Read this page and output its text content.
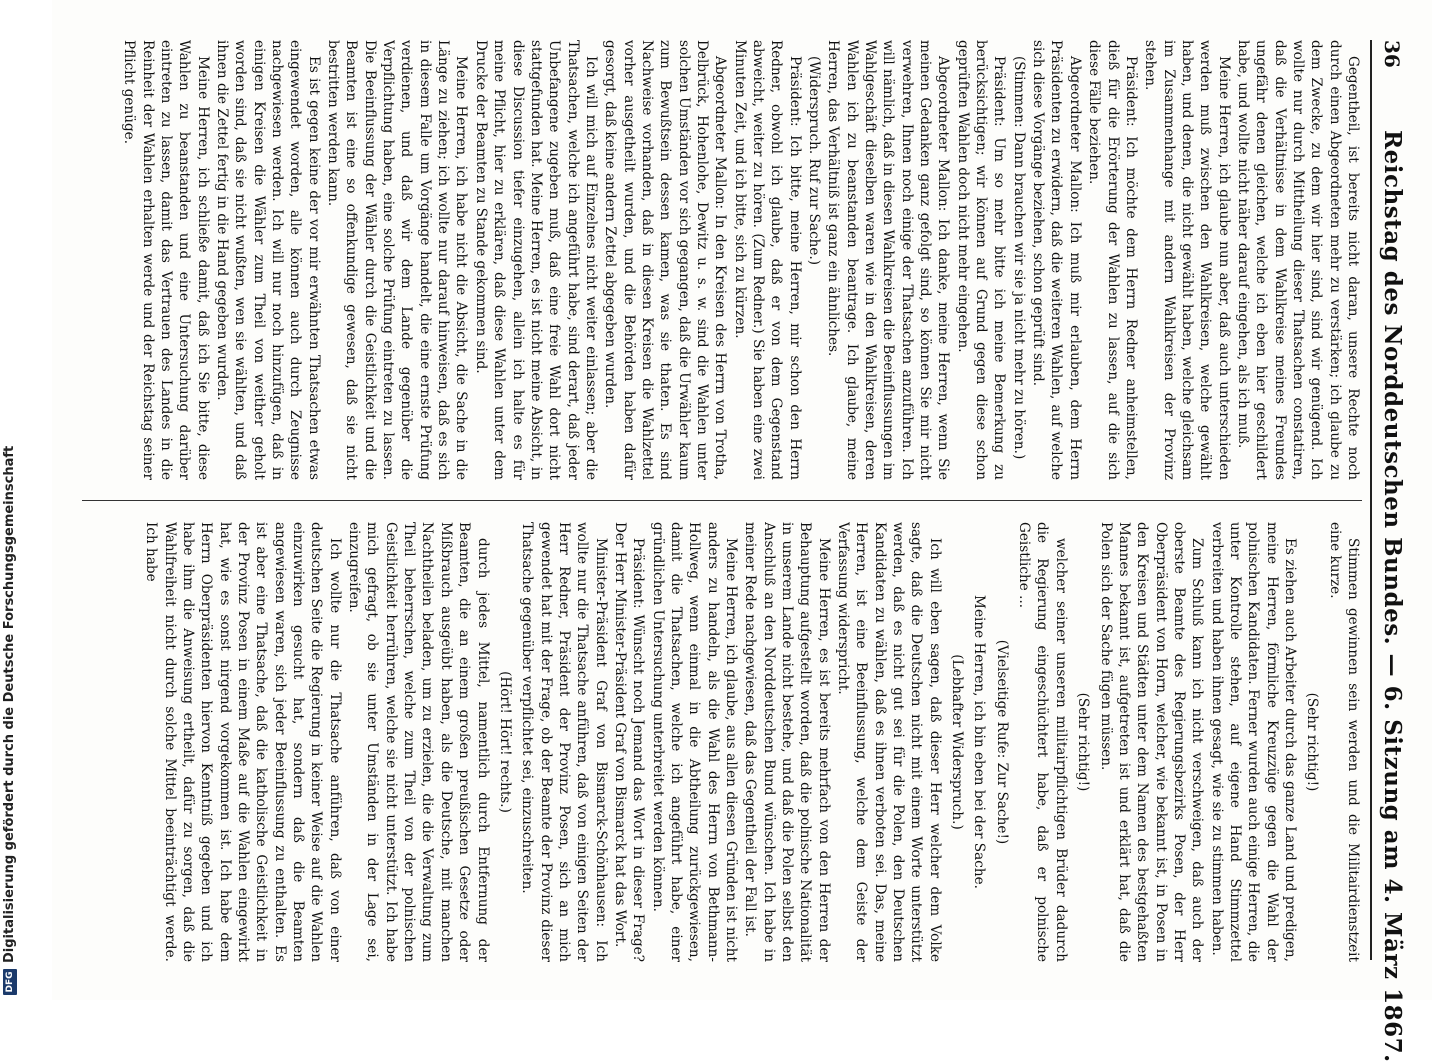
36
Reichstag des Norddeutschen Bundes. — 6. Sitzung am 4. März 1867.

Gegentheil, ist bereits nicht daran, unsere Rechte noch durch einen Abgeordneten mehr zu verstärken; ich glaube zu dem Zwecke, zu dem wir hier sind, sind wir genügend. Ich wollte nur durch Mittheilung dieser Thatsachen constatiren, daß die Verhältnisse in dem Wahlkreise meines Freundes ungefähr denen gleichen, welche ich eben hier geschildert habe, und wollte nicht näher darauf eingehen, als ich muß.

Meine Herren, ich glaube nun aber, daß auch unterschieden werden muß zwischen den Wahlkreisen, welche gewählt haben, und denen, die nicht gewählt haben, welche gleichsam im Zusammenhange mit andern Wahlkreisen der Provinz stehen.

Präsident: Ich möchte dem Herrn Redner anheimstellen, dieß für die Erörterung der Wahlen zu lassen, auf die sich diese Fälle beziehen.

Abgeordneter Mallon: Ich muß mir erlauben, dem Herrn Präsidenten zu erwidern, daß die weiteren Wahlen, auf welche sich diese Vorgänge beziehen, schon geprüft sind.

(Stimmen: Dann brauchen wir sie ja nicht mehr zu hören.)

Präsident: Um so mehr bitte ich meine Bemerkung zu berücksichtigen; wir können auf Grund gegen diese schon geprüften Wahlen doch nicht mehr eingehen.

Abgeordneter Mallon: Ich danke, meine Herren, wenn Sie meinen Gedanken ganz gefolgt sind, so können Sie mir nicht verwehren, Ihnen noch einige der Thatsachen anzuführen. Ich will nämlich, daß in diesen Wahlkreisen die Beeinflussungen im Wahlgeschäft dieselben waren wie in den Wahlkreisen, deren Wahlen ich zu beanstanden beantrage. Ich glaube, meine Herren, das Verhältniß ist ganz ein ähnliches.

(Widerspruch. Ruf zur Sache.)

Präsident: Ich bitte, meine Herren, mir schon den Herrn Redner, obwohl ich glaube, daß er von dem Gegenstand abweicht, weiter zu hören. (Zum Redner.) Sie haben eine zwei Minuten Zeit, und ich bitte, sich zu kürzen.

Abgeordneter Mallon: In den Kreisen des Herrn von Trotha, Delbrück, Hohenlohe, Dewitz u. s. w. sind die Wahlen unter solchen Umständen vor sich gegangen, daß die Urwähler kaum zum Bewußtsein dessen kamen, was sie thaten. Es sind Nachweise vorhanden, daß in diesen Kreisen die Wahlzettel vorher ausgetheilt wurden, und die Behörden haben dafür gesorgt, daß keine andern Zettel abgegeben wurden.

Ich will mich auf Einzelnes nicht weiter einlassen; aber die Thatsachen, welche ich angeführt habe, sind derart, daß jeder Unbefangene zugeben muß, daß eine freie Wahl dort nicht stattgefunden hat. Meine Herren, es ist nicht meine Absicht, in diese Discussion tiefer einzugehen, allein ich halte es für meine Pflicht, hier zu erklären, daß diese Wahlen unter dem Drucke der Beamten zu Stande gekommen sind.

Meine Herren, ich habe nicht die Absicht, die Sache in die Länge zu ziehen; ich wollte nur darauf hinweisen, daß es sich in diesem Falle um Vorgänge handelt, die eine ernste Prüfung verdienen, und daß wir dem Lande gegenüber die Verpflichtung haben, eine solche Prüfung eintreten zu lassen. Die Beeinflussung der Wähler durch die Geistlichkeit und die Beamten ist eine so offenkundige gewesen, daß sie nicht bestritten werden kann.

Es ist gegen keine der vor mir erwähnten Thatsachen etwas eingewendet worden, alle können auch durch Zeugnisse nachgewiesen werden. Ich will nur noch hinzufügen, daß in einigen Kreisen die Wähler zum Theil von weither geholt worden sind, daß sie nicht wußten, wen sie wählten, und daß ihnen die Zettel fertig in die Hand gegeben wurden.

Meine Herren, ich schließe damit, daß ich Sie bitte, diese Wahlen zu beanstanden und eine Untersuchung darüber eintreten zu lassen, damit das Vertrauen des Landes in die Reinheit der Wahlen erhalten werde und der Reichstag seiner Pflicht genüge.

Stimmen gewinnen sein werden und die Militairdienstzeit eine kurze.

(Sehr richtig!)

Es ziehen auch Arbeiter durch das ganze Land und predigen, meine Herren, förmliche Kreuzzüge gegen die Wahl der polnischen Kandidaten. Ferner wurden auch einige Herren, die unter Kontrolle stehen, auf eigene Hand Stimmzettel verbreiten und haben ihnen gesagt, wie sie zu stimmen haben.

Zum Schluß kann ich nicht verschweigen, daß auch der oberste Beamte des Regierungsbezirks Posen, der Herr Oberpräsident von Horn, welcher, wie bekannt ist, in Posen in den Kreisen und Städten unter dem Namen des bestgehaßten Mannes bekannt ist, aufgetreten ist und erklärt hat, daß die Polen sich der Sache fügen müssen.

(Sehr richtig!)

welcher seiner unseren militairpflichtigen Brüder dadurch die Regierung eingeschüchtert habe, daß er polnische Geistliche ...

(Vielseitige Rufe: Zur Sache!)

Meine Herren, ich bin eben bei der Sache.

(Lebhafter Widerspruch.)

Ich will eben sagen, daß dieser Herr welcher dem Volke sagte, daß die Deutschen nicht mit einem Worte unterstützt werden, daß es nicht gut sei für die Polen, den Deutschen Kandidaten zu wählen, daß es ihnen verboten sei. Das, meine Herren, ist eine Beeinflussung, welche dem Geiste der Verfassung widerspricht.

Meine Herren, es ist bereits mehrfach von den Herren der Behauptung aufgestellt worden, daß die polnische Nationalität in unserem Lande nicht bestehe, und daß die Polen selbst den Anschluß an den Norddeutschen Bund wünschen. Ich habe in meiner Rede nachgewiesen, daß das Gegentheil der Fall ist.

Meine Herren, ich glaube, aus allen diesen Gründen ist nicht anders zu handeln, als die Wahl des Herrn von Bethmann-Hollweg, wenn einmal in die Abtheilung zurückgewiesen, damit die Thatsachen, welche ich angeführt habe, einer gründlichen Untersuchung unterbreitet werden können.

Präsident: Wünscht noch Jemand das Wort in dieser Frage? Der Herr Minister-Präsident Graf von Bismarck hat das Wort.

Minister-Präsident Graf von Bismarck-Schönhausen: Ich wollte nur die Thatsache anführen, daß von einigen Seiten der Herr Redner, Präsident der Provinz Posen, sich an mich gewendet hat mit der Frage, ob der Beamte der Provinz dieser Thatsache gegenüber verpflichtet sei, einzuschreiten.

(Hört! Hört! rechts.)

durch jedes Mittel, namentlich durch Entfernung der Beamten, die an einem großen preußischen Gesetze oder Mißbrauch ausgeübt haben, als die Deutsche, mit manchen Nachtheilen beladen, um zu erzielen, die die Verwaltung zum Theil beherrschen, welche zum Theil von der polnischen Geistlichkeit herrühren, welche sie nicht unterstützt. Ich habe mich gefragt, ob sie unter Umständen in der Lage sei, einzugreifen.

Ich wollte nur die Thatsache anführen, daß von einer deutschen Seite die Regierung in keiner Weise auf die Wahlen einzuwirken gesucht hat, sondern daß die Beamten angewiesen waren, sich jeder Beeinflussung zu enthalten. Es ist aber eine Thatsache, daß die katholische Geistlichkeit in der Provinz Posen in einem Maße auf die Wahlen eingewirkt hat, wie es sonst nirgend vorgekommen ist. Ich habe dem Herrn Oberpräsidenten hiervon Kenntniß gegeben und ich habe ihm die Anweisung ertheilt, dafür zu sorgen, daß die Wahlfreiheit nicht durch solche Mittel beeinträchtigt werde. Ich habe

DFG
Digitalisierung gefördert durch die Deutsche Forschungsgemeinschaft
